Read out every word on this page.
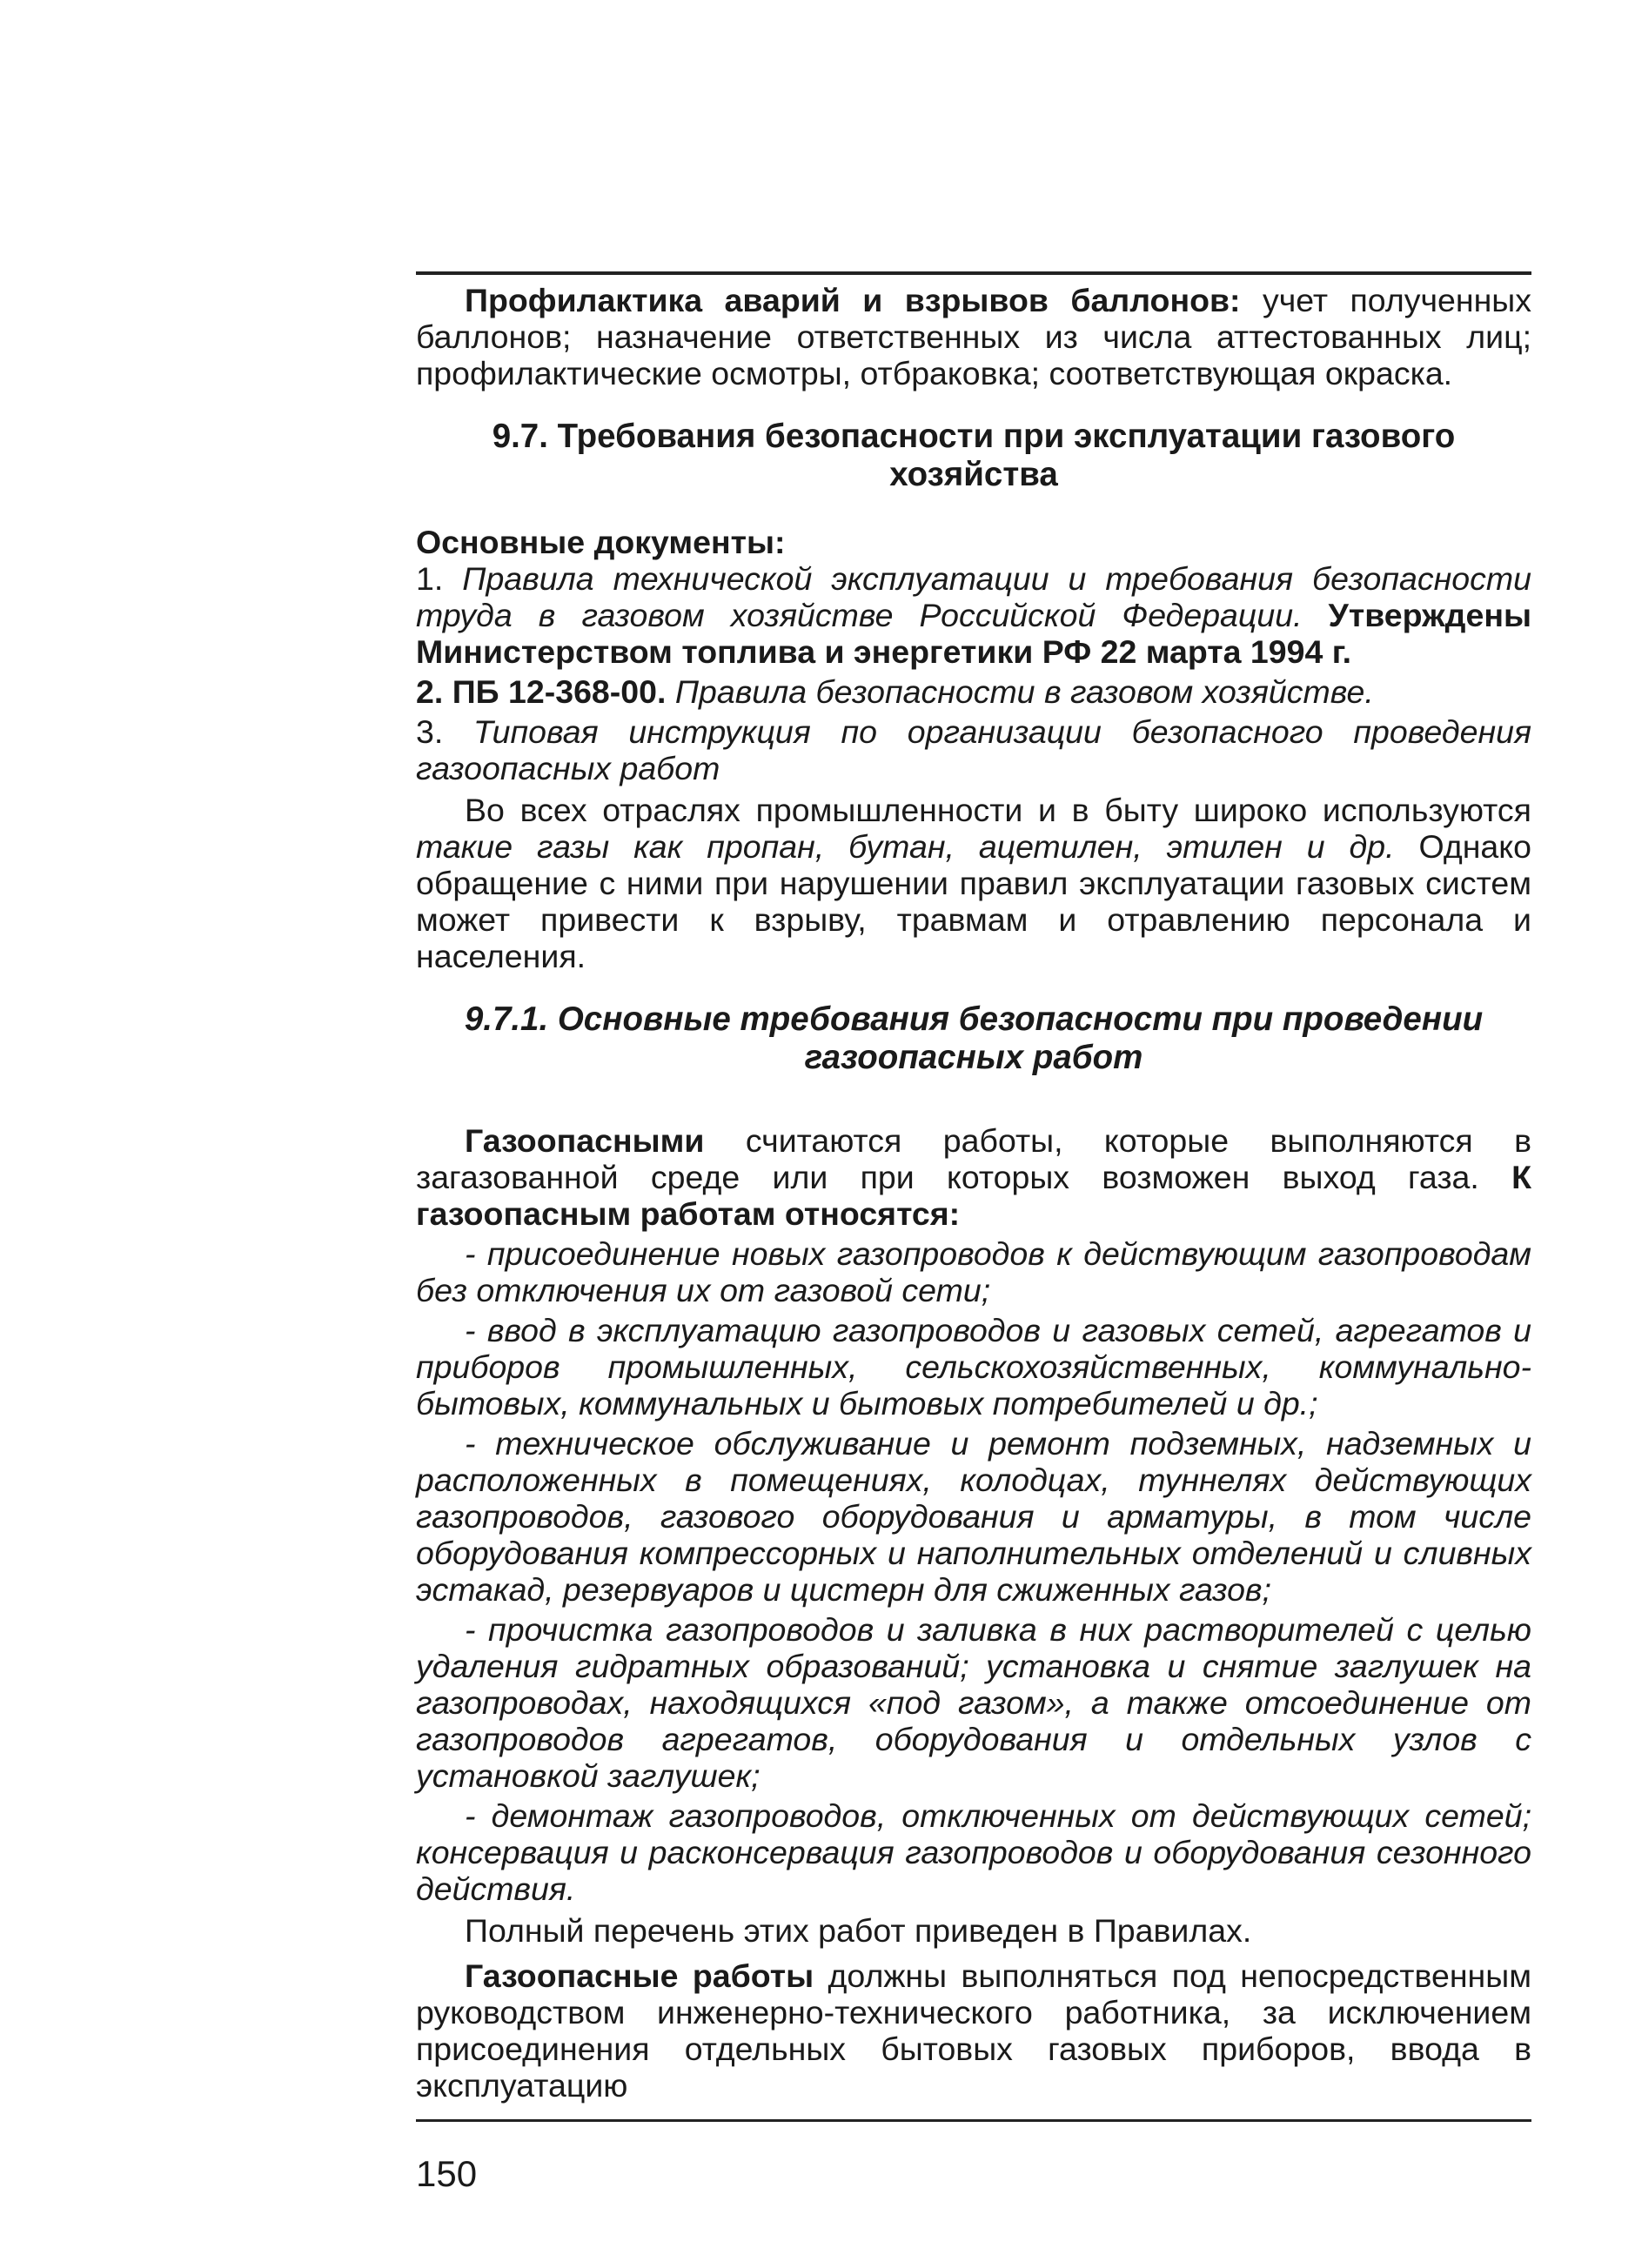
Профилактика аварий и взрывов баллонов: учет полученных баллонов; назначение ответственных из числа аттестованных лиц; профилактические осмотры, отбраковка; соответствующая окраска.

9.7. Требования безопасности при эксплуатации газового хозяйства

Основные документы:

1. Правила технической эксплуатации и требования безопасности труда в газовом хозяйстве Российской Федерации. Утверждены Министерством топлива и энергетики РФ 22 марта 1994 г.

2. ПБ 12-368-00. Правила безопасности в газовом хозяйстве.

3. Типовая инструкция по организации безопасного проведения газоопасных работ

Во всех отраслях промышленности и в быту широко используются такие газы как пропан, бутан, ацетилен, этилен и др. Однако обращение с ними при нарушении правил эксплуатации газовых систем может привести к взрыву, травмам и отравлению персонала и населения.

9.7.1. Основные требования безопасности при проведении

газоопасных работ

Газоопасными считаются работы, которые выполняются в загазованной среде или при которых возможен выход газа. К газоопасным работам относятся:

- присоединение новых газопроводов к действующим газопроводам без отключения их от газовой сети;

- ввод в эксплуатацию газопроводов и газовых сетей, агрегатов и приборов промышленных, сельскохозяйственных, коммунально-бытовых, коммунальных и бытовых потребителей и др.;

- техническое обслуживание и ремонт подземных, надземных и расположенных в помещениях, колодцах, туннелях действующих газопроводов, газового оборудования и арматуры, в том числе оборудования компрессорных и наполнительных отделений и сливных эстакад, резервуаров и цистерн для сжиженных газов;

- прочистка газопроводов и заливка в них растворителей с целью удаления гидратных образований; установка и снятие заглушек на газопроводах, находящихся «под газом», а также отсоединение от газопроводов агрегатов, оборудования и отдельных узлов с установкой заглушек;

- демонтаж газопроводов, отключенных от действующих сетей; консервация и расконсервация газопроводов и оборудования сезонного действия.

Полный перечень этих работ приведен в Правилах.

Газоопасные работы должны выполняться под непосредственным руководством инженерно-технического работника, за исключением присоединения отдельных бытовых газовых приборов, ввода в эксплуатацию

150
